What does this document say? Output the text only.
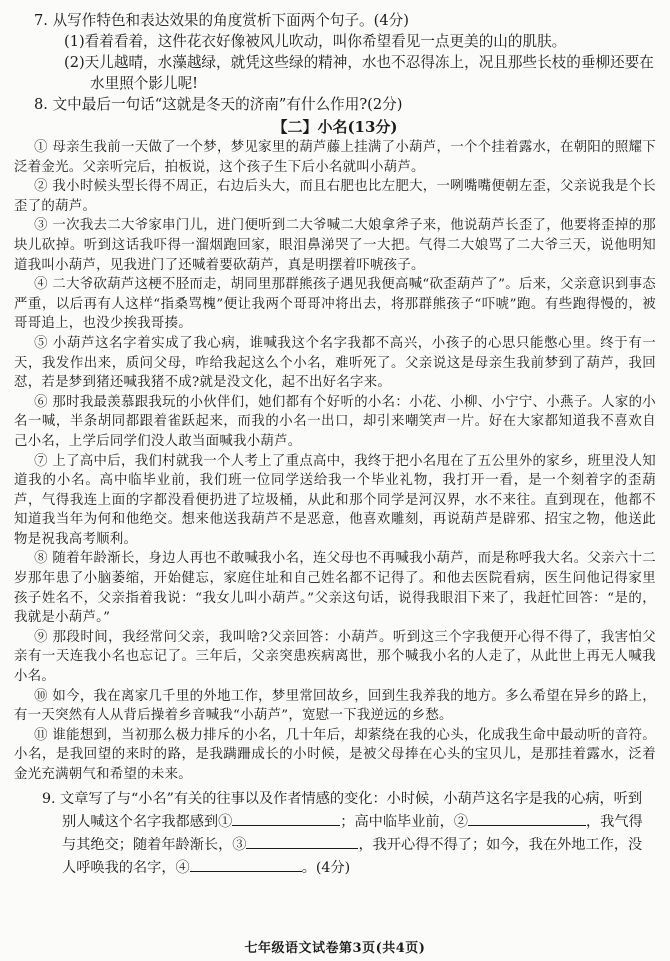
7. 从写作特色和表达效果的角度赏析下面两个句子。(4分)

(1)看着看着，这件花衣好像被风儿吹动，叫你希望看见一点更美的山的肌肤。

(2)天儿越晴，水藻越绿，就凭这些绿的精神，水也不忍得冻上，况且那些长枝的垂柳还要在水里照个影儿呢!

8. 文中最后一句话“这就是冬天的济南”有什么作用?(2分)

【二】小名(13分)

① 母亲生我前一天做了一个梦，梦见家里的葫芦藤上挂满了小葫芦，一个个挂着露水，在朝阳的照耀下泛着金光。父亲听完后，拍板说，这个孩子生下后小名就叫小葫芦。

② 我小时候头型长得不周正，右边后头大，而且右肥也比左肥大，一咧嘴嘴便朝左歪，父亲说我是个长歪了的葫芦。

③ 一次我去二大爷家串门儿，进门便听到二大爷喊二大娘拿斧子来，他说葫芦长歪了，他要将歪掉的那块儿砍掉。听到这话我吓得一溜烟跑回家，眼泪鼻涕哭了一大把。气得二大娘骂了二大爷三天，说他明知道我叫小葫芦，见我进门了还喊着要砍葫芦，真是明摆着吓唬孩子。

④ 二大爷砍葫芦这梗不胫而走，胡同里那群熊孩子遇见我便高喊“砍歪葫芦了”。后来，父亲意识到事态严重，以后再有人这样“指桑骂槐”便让我两个哥哥冲将出去，将那群熊孩子“吓唬”跑。有些跑得慢的，被哥哥追上，也没少挨我哥揍。

⑤ 小葫芦这名字着实成了我心病，谁喊我这个名字我都不高兴，小孩子的心思只能憋心里。终于有一天，我发作出来，质问父母，咋给我起这么个小名，难听死了。父亲说这是母亲生我前梦到了葫芦，我回怼，若是梦到猪还喊我猪不成?就是没文化，起不出好名字来。

⑥ 那时我最羡慕跟我玩的小伙伴们，她们都有个好听的小名：小花、小柳、小宁宁、小燕子。人家的小名一喊，半条胡同都跟着雀跃起来，而我的小名一出口，却引来嘲笑声一片。好在大家都知道我不喜欢自己小名，上学后同学们没人敢当面喊我小葫芦。

⑦ 上了高中后，我们村就我一个人考上了重点高中，我终于把小名甩在了五公里外的家乡，班里没人知道我的小名。高中临毕业前，我们班一位同学送给我一个毕业礼物，我打开一看，是一个刻着字的歪葫芦，气得我连上面的字都没看便扔进了垃圾桶，从此和那个同学是河汉界，水不来往。直到现在，他都不知道我当年为何和他绝交。想来他送我葫芦不是恶意，他喜欢雕刻，再说葫芦是辟邪、招宝之物，他送此物是祝我高考顺利。

⑧ 随着年龄渐长，身边人再也不敢喊我小名，连父母也不再喊我小葫芦，而是称呼我大名。父亲六十二岁那年患了小脑萎缩，开始健忘，家庭住址和自己姓名都不记得了。和他去医院看病，医生问他记得家里孩子姓名不，父亲指着我说：“我女儿叫小葫芦。”父亲这句话，说得我眼泪下来了，我赶忙回答：“是的，我就是小葫芦。”

⑨ 那段时间，我经常问父亲，我叫啥?父亲回答：小葫芦。听到这三个字我便开心得不得了，我害怕父亲有一天连我小名也忘记了。三年后，父亲突患疾病离世，那个喊我小名的人走了，从此世上再无人喊我小名。

⑩ 如今，我在离家几千里的外地工作，梦里常回故乡，回到生我养我的地方。多么希望在异乡的路上，有一天突然有人从背后操着乡音喊我“小葫芦”，宽慰一下我逆远的乡愁。

⑪ 谁能想到，当初那么极力排斥的小名，几十年后，却萦绕在我的心头，化成我生命中最动听的音符。小名，是我回望的来时的路，是我蹒跚成长的小时候，是被父母捧在心头的宝贝儿，是那挂着露水，泛着金光充满朝气和希望的未来。

9. 文章写了与“小名”有关的往事以及作者情感的变化：小时候，小葫芦这名字是我的心病，听到别人喊这个名字我都感到①	；高中临毕业前，②	，我气得与其绝交；随着年龄渐长，③	，我开心得不得了；如今，我在外地工作，没人呼唤我的名字，④	。(4分)

七年级语文试卷第3页(共4页)
